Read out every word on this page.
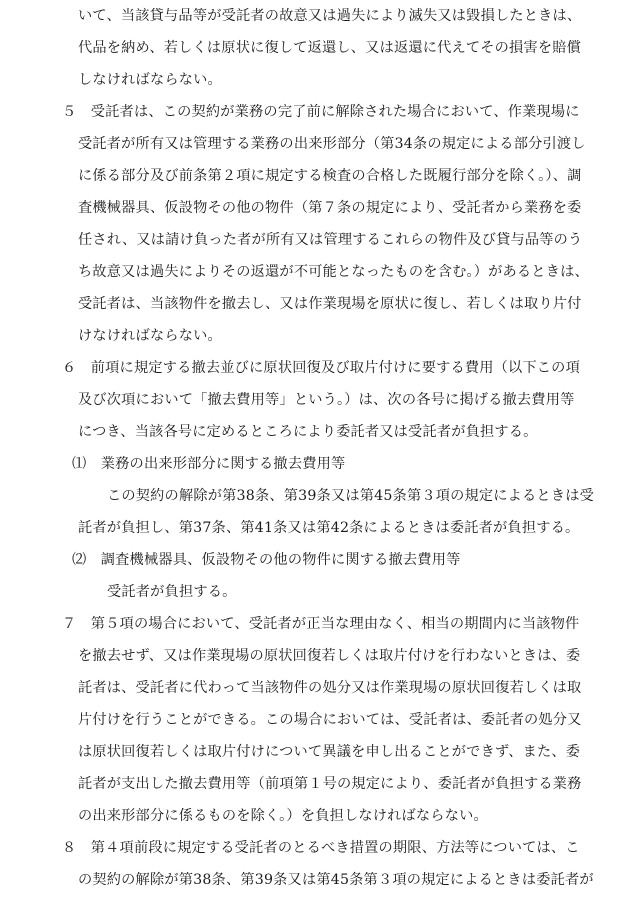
いて、当該貸与品等が受託者の故意又は過失により滅失又は毀損したときは、
代品を納め、若しくは原状に復して返還し、又は返還に代えてその損害を賠償
しなければならない。
５　受託者は、この契約が業務の完了前に解除された場合において、作業現場に
受託者が所有又は管理する業務の出来形部分（第34条の規定による部分引渡し
に係る部分及び前条第２項に規定する検査の合格した既履行部分を除く。）、調
査機械器具、仮設物その他の物件（第７条の規定により、受託者から業務を委
任され、又は請け負った者が所有又は管理するこれらの物件及び貸与品等のう
ち故意又は過失によりその返還が不可能となったものを含む。）があるときは、
受託者は、当該物件を撤去し、又は作業現場を原状に復し、若しくは取り片付
けなければならない。
６　前項に規定する撤去並びに原状回復及び取片付けに要する費用（以下この項
及び次項において「撤去費用等」という。）は、次の各号に掲げる撤去費用等
につき、当該各号に定めるところにより委託者又は受託者が負担する。
⑴　業務の出来形部分に関する撤去費用等
この契約の解除が第38条、第39条又は第45条第３項の規定によるときは受
託者が負担し、第37条、第41条又は第42条によるときは委託者が負担する。
⑵　調査機械器具、仮設物その他の物件に関する撤去費用等
受託者が負担する。
７　第５項の場合において、受託者が正当な理由なく、相当の期間内に当該物件
を撤去せず、又は作業現場の原状回復若しくは取片付けを行わないときは、委
託者は、受託者に代わって当該物件の処分又は作業現場の原状回復若しくは取
片付けを行うことができる。この場合においては、受託者は、委託者の処分又
は原状回復若しくは取片付けについて異議を申し出ることができず、また、委
託者が支出した撤去費用等（前項第１号の規定により、委託者が負担する業務
の出来形部分に係るものを除く。）を負担しなければならない。
８　第４項前段に規定する受託者のとるべき措置の期限、方法等については、こ
の契約の解除が第38条、第39条又は第45条第３項の規定によるときは委託者が
